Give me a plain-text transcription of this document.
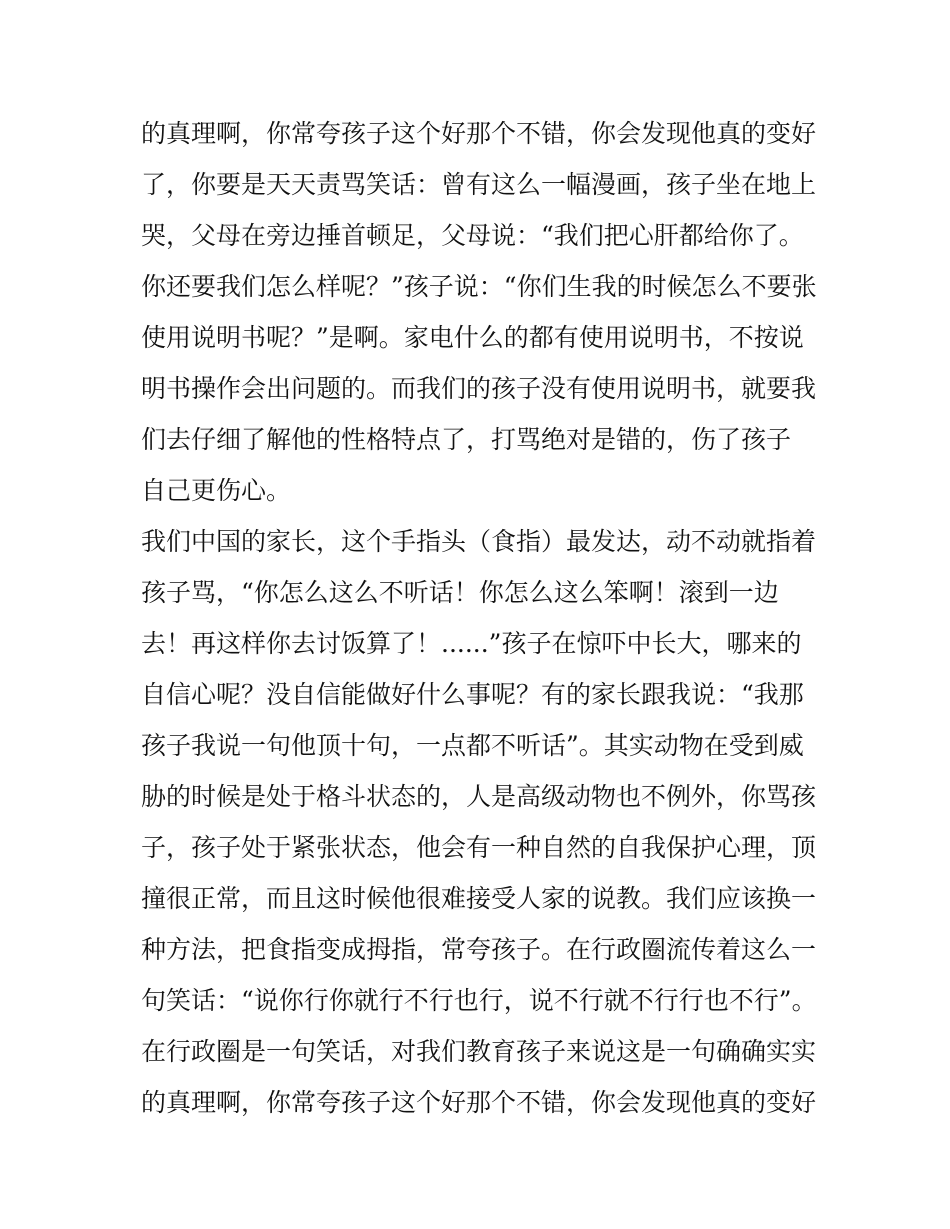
的真理啊，你常夸孩子这个好那个不错，你会发现他真的变好
了，你要是天天责骂笑话：曾有这么一幅漫画，孩子坐在地上
哭，父母在旁边捶首顿足，父母说：“我们把心肝都给你了。
你还要我们怎么样呢？”孩子说：“你们生我的时候怎么不要张
使用说明书呢？”是啊。家电什么的都有使用说明书，不按说
明书操作会出问题的。而我们的孩子没有使用说明书，就要我
们去仔细了解他的性格特点了，打骂绝对是错的，伤了孩子
自己更伤心。
我们中国的家长，这个手指头（食指）最发达，动不动就指着
孩子骂，“你怎么这么不听话！你怎么这么笨啊！滚到一边
去！再这样你去讨饭算了！......”孩子在惊吓中长大，哪来的
自信心呢？没自信能做好什么事呢？有的家长跟我说：“我那
孩子我说一句他顶十句，一点都不听话”。其实动物在受到威
胁的时候是处于格斗状态的，人是高级动物也不例外，你骂孩
子，孩子处于紧张状态，他会有一种自然的自我保护心理，顶
撞很正常，而且这时候他很难接受人家的说教。我们应该换一
种方法，把食指变成拇指，常夸孩子。在行政圈流传着这么一
句笑话：“说你行你就行不行也行，说不行就不行行也不行”。
在行政圈是一句笑话，对我们教育孩子来说这是一句确确实实
的真理啊，你常夸孩子这个好那个不错，你会发现他真的变好
